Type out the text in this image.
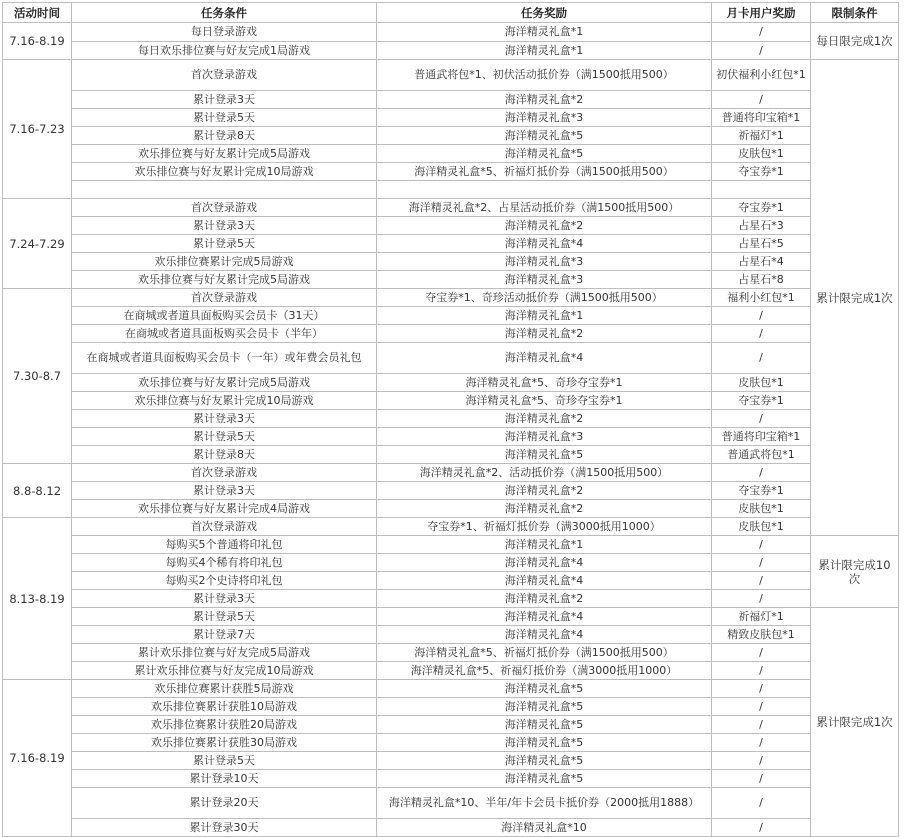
活动时间	任务条件	任务奖励	月卡用户奖励	限制条件
7.16-8.19	每日登录游戏	海洋精灵礼盒*1	/	每日限完成1次
	每日欢乐排位赛与好友完成1局游戏	海洋精灵礼盒*1	/	
7.16-7.23	首次登录游戏	普通武将包*1、初伏活动抵价券（满1500抵用500）	初伏福利小红包*1	累计限完成1次
	累计登录3天	海洋精灵礼盒*2	/	
	累计登录5天	海洋精灵礼盒*3	普通将印宝箱*1	
	累计登录8天	海洋精灵礼盒*5	祈福灯*1	
	欢乐排位赛与好友累计完成5局游戏	海洋精灵礼盒*5	皮肤包*1	
	欢乐排位赛与好友累计完成10局游戏	海洋精灵礼盒*5、祈福灯抵价券（满1500抵用500）	夺宝券*1	

7.24-7.29	首次登录游戏	海洋精灵礼盒*2、占星活动抵价券（满1500抵用500）	夺宝券*1	
	累计登录3天	海洋精灵礼盒*2	占星石*3	
	累计登录5天	海洋精灵礼盒*4	占星石*5	
	欢乐排位赛累计完成5局游戏	海洋精灵礼盒*3	占星石*4	
	欢乐排位赛与好友累计完成5局游戏	海洋精灵礼盒*3	占星石*8	
7.30-8.7	首次登录游戏	夺宝券*1、奇珍活动抵价券（满1500抵用500）	福利小红包*1	
	在商城或者道具面板购买会员卡（31天）	海洋精灵礼盒*1	/	
	在商城或者道具面板购买会员卡（半年）	海洋精灵礼盒*2	/	
	在商城或者道具面板购买会员卡（一年）或年费会员礼包	海洋精灵礼盒*4	/	
	欢乐排位赛与好友累计完成5局游戏	海洋精灵礼盒*5、奇珍夺宝券*1	皮肤包*1	
	欢乐排位赛与好友累计完成10局游戏	海洋精灵礼盒*5、奇珍夺宝券*1	夺宝券*1	
	累计登录3天	海洋精灵礼盒*2	/	
	累计登录5天	海洋精灵礼盒*3	普通将印宝箱*1	
	累计登录8天	海洋精灵礼盒*5	普通武将包*1	
8.8-8.12	首次登录游戏	海洋精灵礼盒*2、活动抵价券（满1500抵用500）	/	
	累计登录3天	海洋精灵礼盒*2	夺宝券*1	
	欢乐排位赛与好友累计完成4局游戏	海洋精灵礼盒*2	皮肤包*1	
8.13-8.19	首次登录游戏	夺宝券*1、祈福灯抵价券（满3000抵用1000）	皮肤包*1	
	每购买5个普通将印礼包	海洋精灵礼盒*1	/	累计限完成10次
	每购买4个稀有将印礼包	海洋精灵礼盒*4	/	
	每购买2个史诗将印礼包	海洋精灵礼盒*4	/	
	累计登录3天	海洋精灵礼盒*2	/	
	累计登录5天	海洋精灵礼盒*4	祈福灯*1	累计限完成1次
	累计登录7天	海洋精灵礼盒*4	精致皮肤包*1	
	累计欢乐排位赛与好友完成5局游戏	海洋精灵礼盒*5、祈福灯抵价券（满1500抵用500）	/	
	累计欢乐排位赛与好友完成10局游戏	海洋精灵礼盒*5、祈福灯抵价券（满3000抵用1000）	/	
7.16-8.19	欢乐排位赛累计获胜5局游戏	海洋精灵礼盒*5	/	
	欢乐排位赛累计获胜10局游戏	海洋精灵礼盒*5	/	
	欢乐排位赛累计获胜20局游戏	海洋精灵礼盒*5	/	
	欢乐排位赛累计获胜30局游戏	海洋精灵礼盒*5	/	
	累计登录5天	海洋精灵礼盒*5	/	
	累计登录10天	海洋精灵礼盒*5	/	
	累计登录20天	海洋精灵礼盒*10、半年/年卡会员卡抵价券（2000抵用1888）	/	
	累计登录30天	海洋精灵礼盒*10	/	
